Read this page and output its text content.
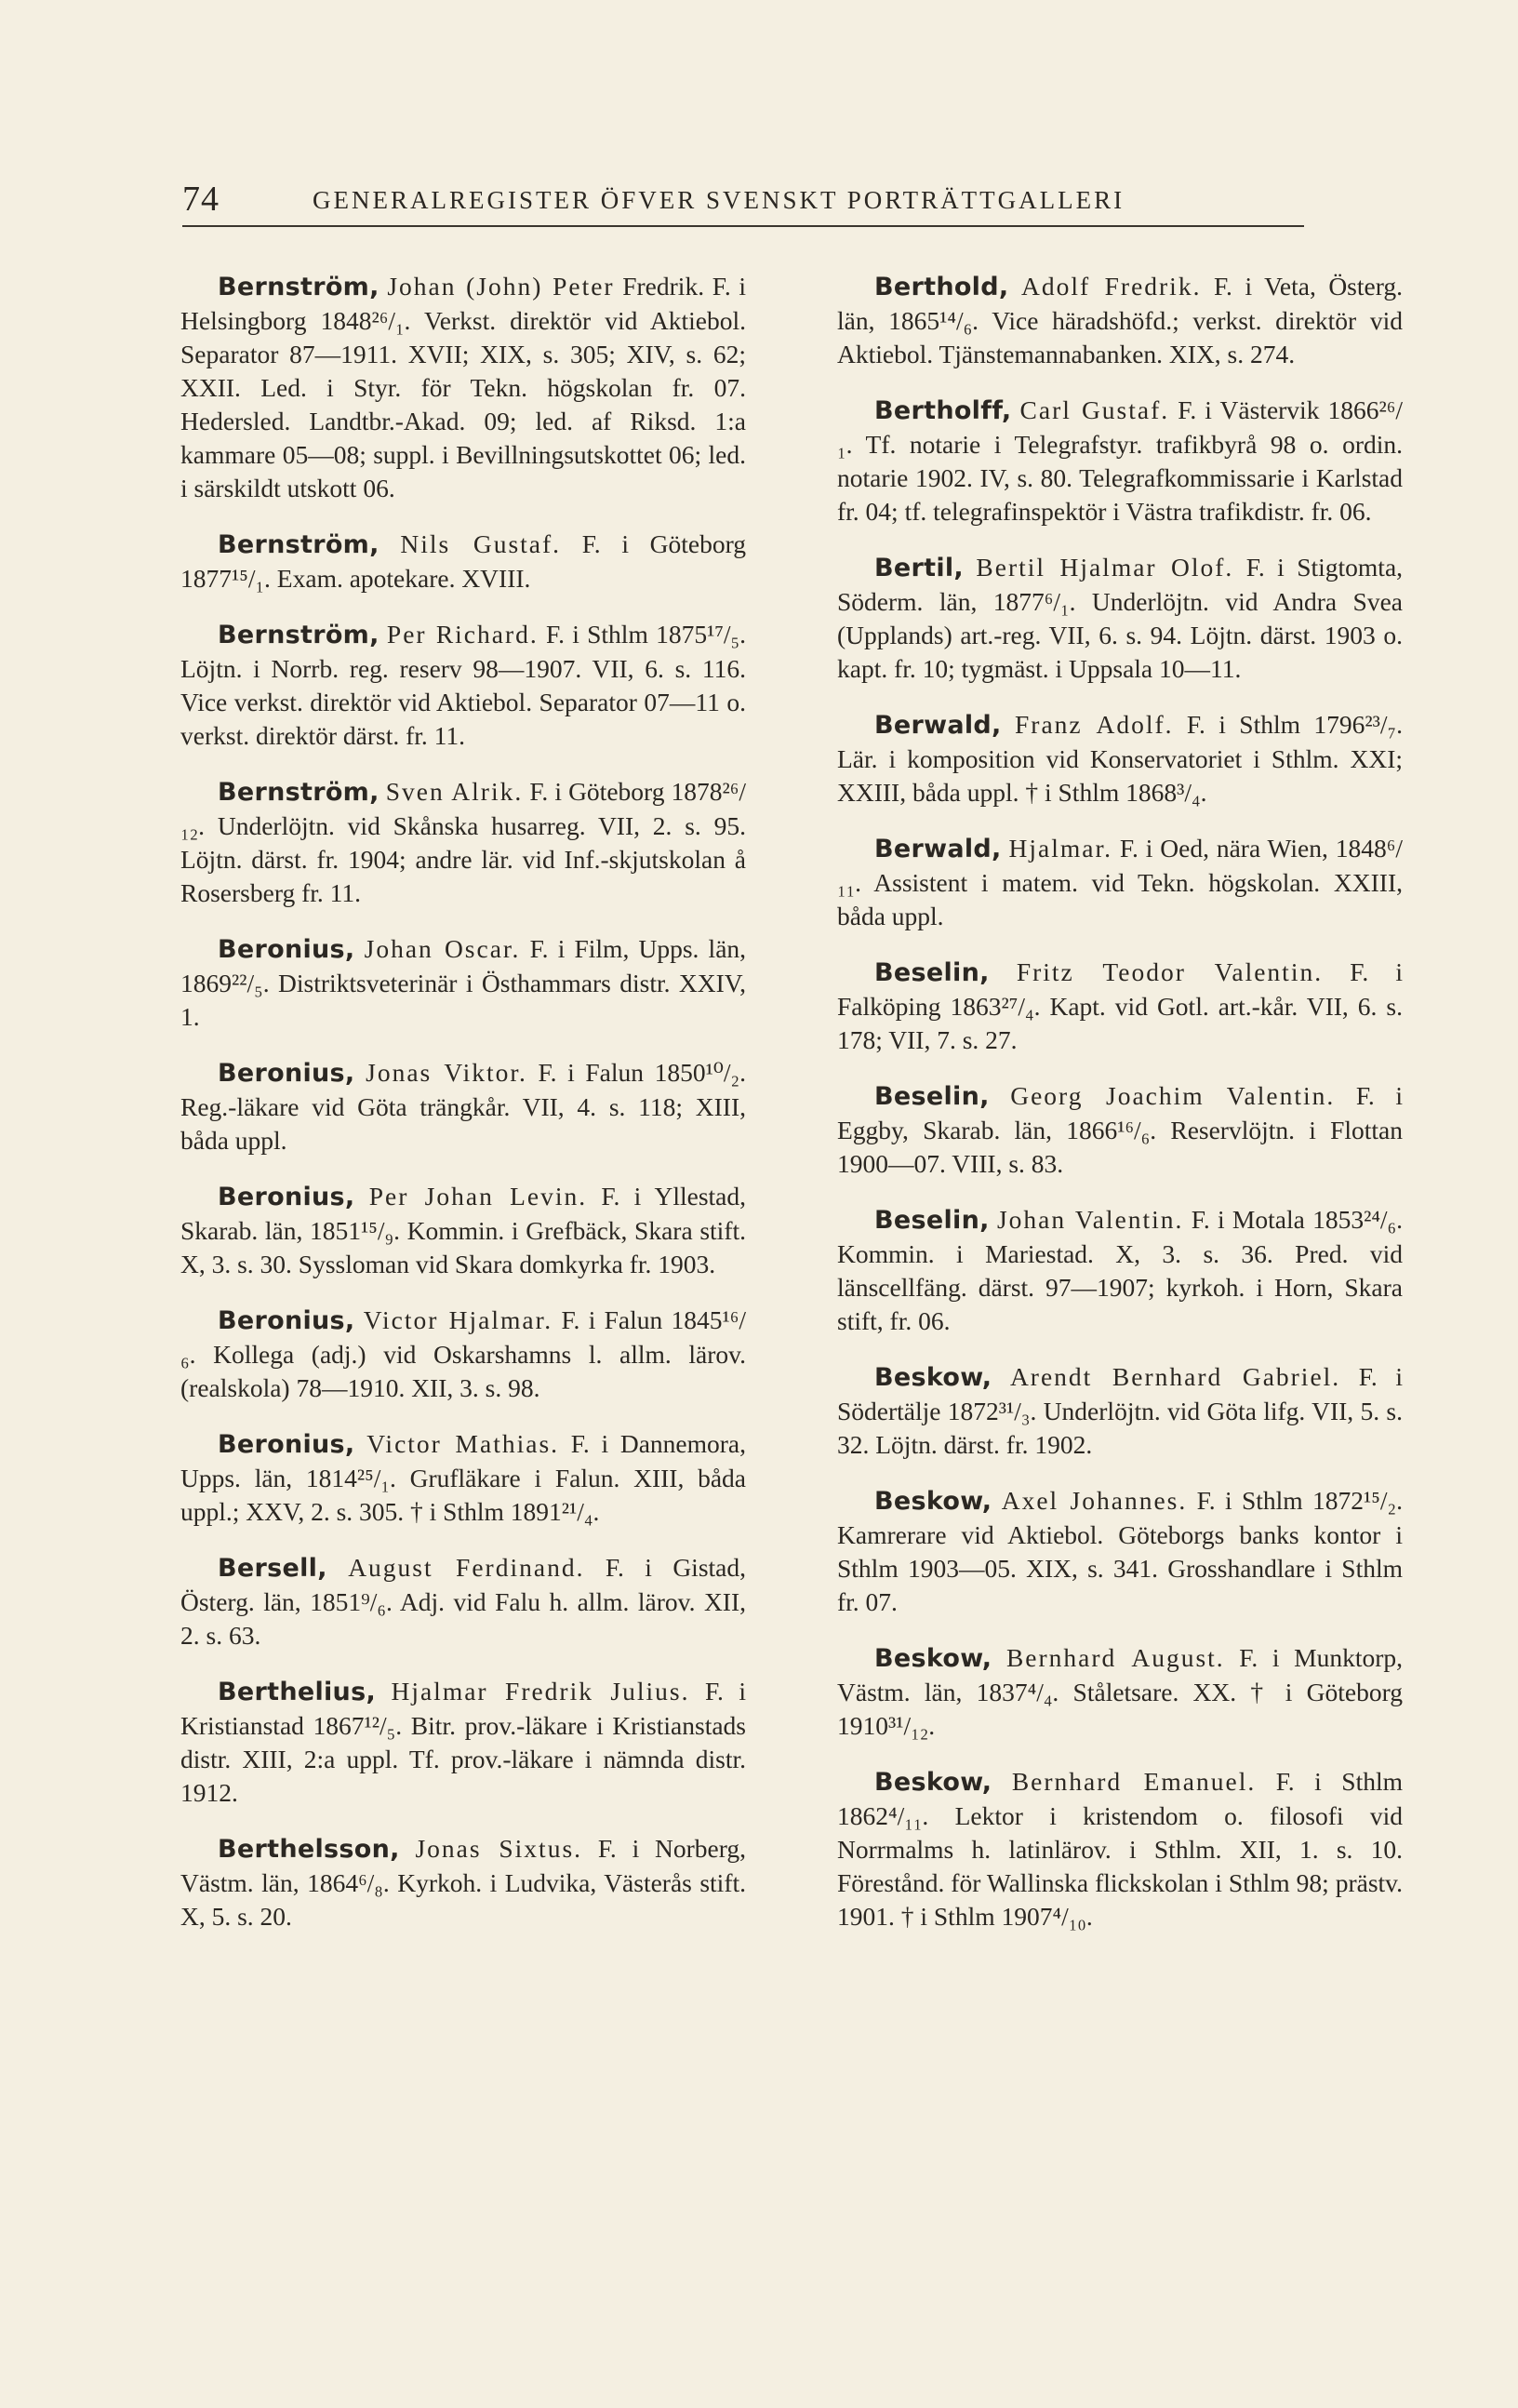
74	GENERALREGISTER ÖFVER SVENSKT PORTRÄTTGALLERI

Bernström, Johan (John) Peter Fredrik. F. i Helsingborg 1848²⁶/₁. Verkst. direktör vid Aktiebol. Separator 87—1911. XVII; XIX, s. 305; XIV, s. 62; XXII. Led. i Styr. för Tekn. högskolan fr. 07. Hedersled. Landtbr.-Akad. 09; led. af Riksd. 1:a kammare 05—08; suppl. i Bevillningsutskottet 06; led. i särskildt utskott 06.

Bernström, Nils Gustaf. F. i Göteborg 1877¹⁵/₁. Exam. apotekare. XVIII.

Bernström, Per Richard. F. i Sthlm 1875¹⁷/₅. Löjtn. i Norrb. reg. reserv 98—1907. VII, 6. s. 116. Vice verkst. direktör vid Aktiebol. Separator 07—11 o. verkst. direktör därst. fr. 11.

Bernström, Sven Alrik. F. i Göteborg 1878²⁶/₁₂. Underlöjtn. vid Skånska husarreg. VII, 2. s. 95. Löjtn. därst. fr. 1904; andre lär. vid Inf.-skjutskolan å Rosersberg fr. 11.

Beronius, Johan Oscar. F. i Film, Upps. län, 1869²²/₅. Distriktsveterinär i Östhammars distr. XXIV, 1.

Beronius, Jonas Viktor. F. i Falun 1850¹⁰/₂. Reg.-läkare vid Göta trängkår. VII, 4. s. 118; XIII, båda uppl.

Beronius, Per Johan Levin. F. i Yllestad, Skarab. län, 1851¹⁵/₉. Kommin. i Grefbäck, Skara stift. X, 3. s. 30. Syssloman vid Skara domkyrka fr. 1903.

Beronius, Victor Hjalmar. F. i Falun 1845¹⁶/₆. Kollega (adj.) vid Oskarshamns l. allm. lärov. (realskola) 78—1910. XII, 3. s. 98.

Beronius, Victor Mathias. F. i Dannemora, Upps. län, 1814²⁵/₁. Grufläkare i Falun. XIII, båda uppl.; XXV, 2. s. 305. † i Sthlm 1891²¹/₄.

Bersell, August Ferdinand. F. i Gistad, Österg. län, 1851⁹/₆. Adj. vid Falu h. allm. lärov. XII, 2. s. 63.

Berthelius, Hjalmar Fredrik Julius. F. i Kristianstad 1867¹²/₅. Bitr. prov.-läkare i Kristianstads distr. XIII, 2:a uppl. Tf. prov.-läkare i nämnda distr. 1912.

Berthelsson, Jonas Sixtus. F. i Norberg, Västm. län, 1864⁶/₈. Kyrkoh. i Ludvika, Västerås stift. X, 5. s. 20.

Berthold, Adolf Fredrik. F. i Veta, Österg. län, 1865¹⁴/₆. Vice häradshöfd.; verkst. direktör vid Aktiebol. Tjänstemannabanken. XIX, s. 274.

Bertholff, Carl Gustaf. F. i Västervik 1866²⁶/₁. Tf. notarie i Telegrafstyr. trafikbyrå 98 o. ordin. notarie 1902. IV, s. 80. Telegrafkommissarie i Karlstad fr. 04; tf. telegrafinspektör i Västra trafikdistr. fr. 06.

Bertil, Bertil Hjalmar Olof. F. i Stigtomta, Söderm. län, 1877⁶/₁. Underlöjtn. vid Andra Svea (Upplands) art.-reg. VII, 6. s. 94. Löjtn. därst. 1903 o. kapt. fr. 10; tygmäst. i Uppsala 10—11.

Berwald, Franz Adolf. F. i Sthlm 1796²³/₇. Lär. i komposition vid Konservatoriet i Sthlm. XXI; XXIII, båda uppl. † i Sthlm 1868³/₄.

Berwald, Hjalmar. F. i Oed, nära Wien, 1848⁶/₁₁. Assistent i matem. vid Tekn. högskolan. XXIII, båda uppl.

Beselin, Fritz Teodor Valentin. F. i Falköping 1863²⁷/₄. Kapt. vid Gotl. art.-kår. VII, 6. s. 178; VII, 7. s. 27.

Beselin, Georg Joachim Valentin. F. i Eggby, Skarab. län, 1866¹⁶/₆. Reservlöjtn. i Flottan 1900—07. VIII, s. 83.

Beselin, Johan Valentin. F. i Motala 1853²⁴/₆. Kommin. i Mariestad. X, 3. s. 36. Pred. vid länscellfäng. därst. 97—1907; kyrkoh. i Horn, Skara stift, fr. 06.

Beskow, Arendt Bernhard Gabriel. F. i Södertälje 1872³¹/₃. Underlöjtn. vid Göta lifg. VII, 5. s. 32. Löjtn. därst. fr. 1902.

Beskow, Axel Johannes. F. i Sthlm 1872¹⁵/₂. Kamrerare vid Aktiebol. Göteborgs banks kontor i Sthlm 1903—05. XIX, s. 341. Grosshandlare i Sthlm fr. 07.

Beskow, Bernhard August. F. i Munktorp, Västm. län, 1837⁴/₄. Ståletsare. XX. † i Göteborg 1910³¹/₁₂.

Beskow, Bernhard Emanuel. F. i Sthlm 1862⁴/₁₁. Lektor i kristendom o. filosofi vid Norrmalms h. latinlärov. i Sthlm. XII, 1. s. 10. Förestånd. för Wallinska flickskolan i Sthlm 98; prästv. 1901. † i Sthlm 1907⁴/₁₀.
